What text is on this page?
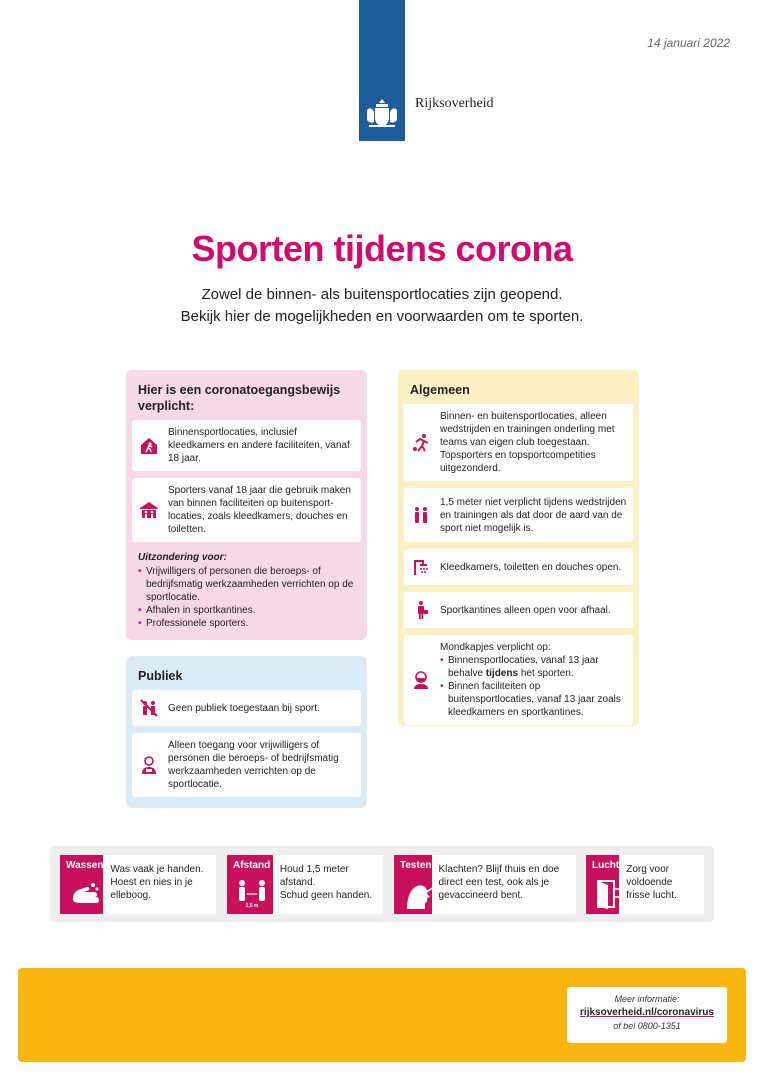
Rijksoverheid
14 januari 2022
Sporten tijdens corona
Zowel de binnen- als buitensportlocaties zijn geopend.
Bekijk hier de mogelijkheden en voorwaarden om te sporten.
Hier is een coronatoegangsbewijs verplicht:
Binnensportlocaties, inclusief kleedkamers en andere faciliteiten, vanaf 18 jaar.
Sporters vanaf 18 jaar die gebruik maken van binnen faciliteiten op buitensport-locaties, zoals kleedkamers, douches en toiletten.
Uitzondering voor:
• Vrijwilligers of personen die beroeps- of bedrijfsmatig werkzaamheden verrichten op de sportlocatie.
• Afhalen in sportkantines.
• Professionele sporters.
Publiek
Geen publiek toegestaan bij sport.
Alleen toegang voor vrijwilligers of personen die beroeps- of bedrijfsmatig werkzaamheden verrichten op de sportlocatie.
Algemeen
Binnen- en buitensportlocaties, alleen wedstrijden en trainingen onderling met teams van eigen club toegestaan. Topsporters en topsportcompetities uitgezonderd.
1,5 meter niet verplicht tijdens wedstrijden en trainingen als dat door de aard van de sport niet mogelijk is.
Kleedkamers, toiletten en douches open.
Sportkantines alleen open voor afhaal.
Mondkapjes verplicht op:
• Binnensportlocaties, vanaf 13 jaar behalve tijdens het sporten.
• Binnen faciliteiten op buitensportlocaties, vanaf 13 jaar zoals kleedkamers en sportkantines.
Wassen Was vaak je handen.
Hoest en nies in je elleboog.
Afstand
1,5 m
Houd 1,5 meter afstand.
Schud geen handen.
Testen Klachten? Blijf thuis en doe direct een test, ook als je gevaccineerd bent.
Lucht Zorg voor voldoende frisse lucht.
Meer informatie:
rijksoverheid.nl/coronavirus
of bel 0800-1351
